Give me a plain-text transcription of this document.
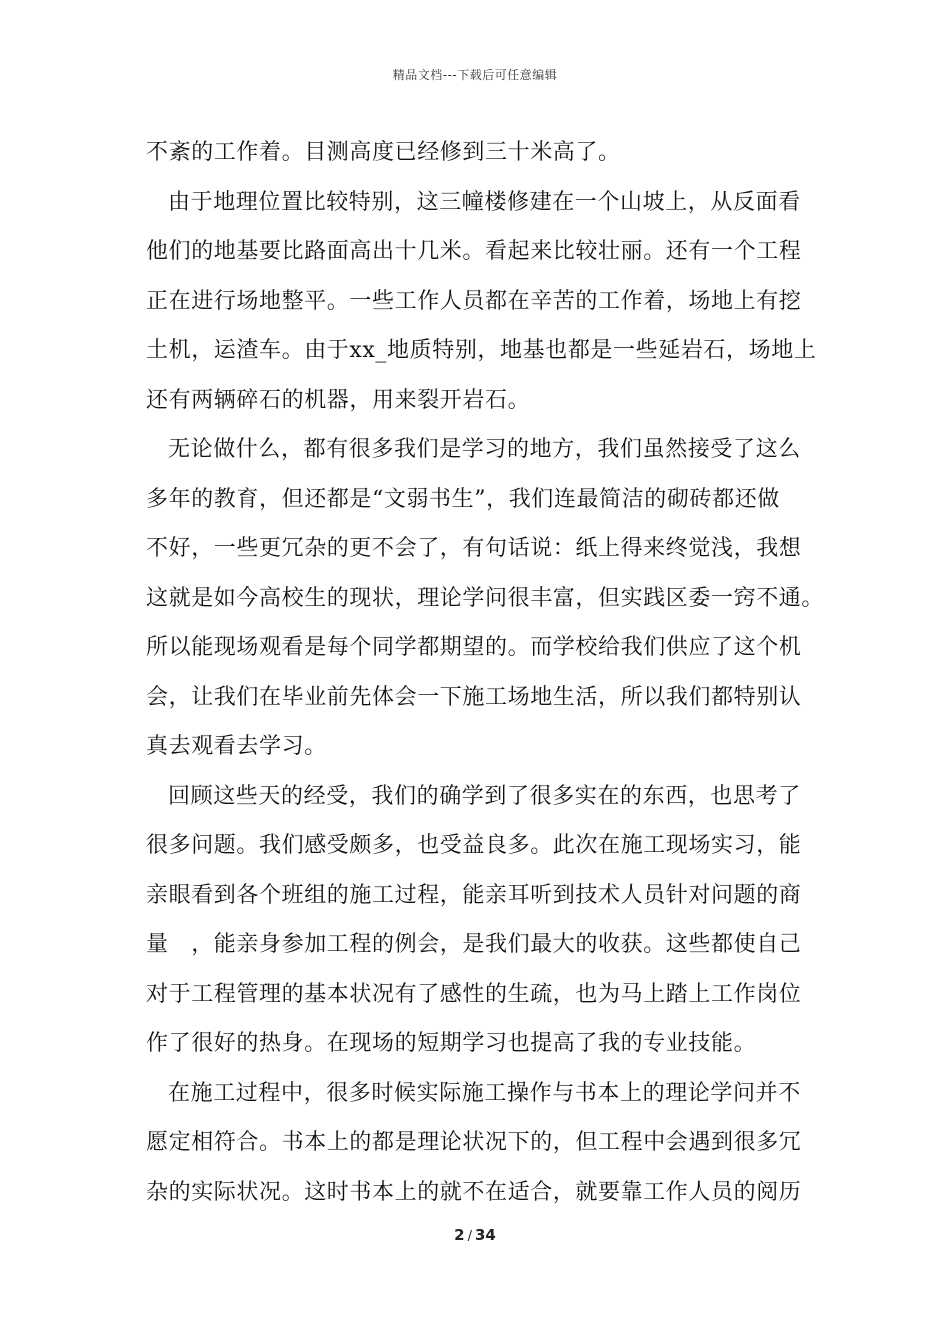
精品文档---下载后可任意编辑
不紊的工作着。目测高度已经修到三十米高了。
由于地理位置比较特别，这三幢楼修建在一个山坡上，从反面看
他们的地基要比路面高出十几米。看起来比较壮丽。还有一个工程
正在进行场地整平。一些工作人员都在辛苦的工作着，场地上有挖
土机，运渣车。由于xx_地质特别，地基也都是一些延岩石，场地上
还有两辆碎石的机器，用来裂开岩石。
无论做什么，都有很多我们是学习的地方，我们虽然接受了这么
多年的教育，但还都是“文弱书生”，我们连最简洁的砌砖都还做
不好，一些更冗杂的更不会了，有句话说：纸上得来终觉浅，我想
这就是如今高校生的现状，理论学问很丰富，但实践区委一窍不通。
所以能现场观看是每个同学都期望的。而学校给我们供应了这个机
会，让我们在毕业前先体会一下施工场地生活，所以我们都特别认
真去观看去学习。
回顾这些天的经受，我们的确学到了很多实在的东西，也思考了
很多问题。我们感受颇多，也受益良多。此次在施工现场实习，能
亲眼看到各个班组的施工过程，能亲耳听到技术人员针对问题的商
量　，能亲身参加工程的例会，是我们最大的收获。这些都使自己
对于工程管理的基本状况有了感性的生疏，也为马上踏上工作岗位
作了很好的热身。在现场的短期学习也提高了我的专业技能。
在施工过程中，很多时候实际施工操作与书本上的理论学问并不
愿定相符合。书本上的都是理论状况下的，但工程中会遇到很多冗
杂的实际状况。这时书本上的就不在适合，就要靠工作人员的阅历
2 / 34
